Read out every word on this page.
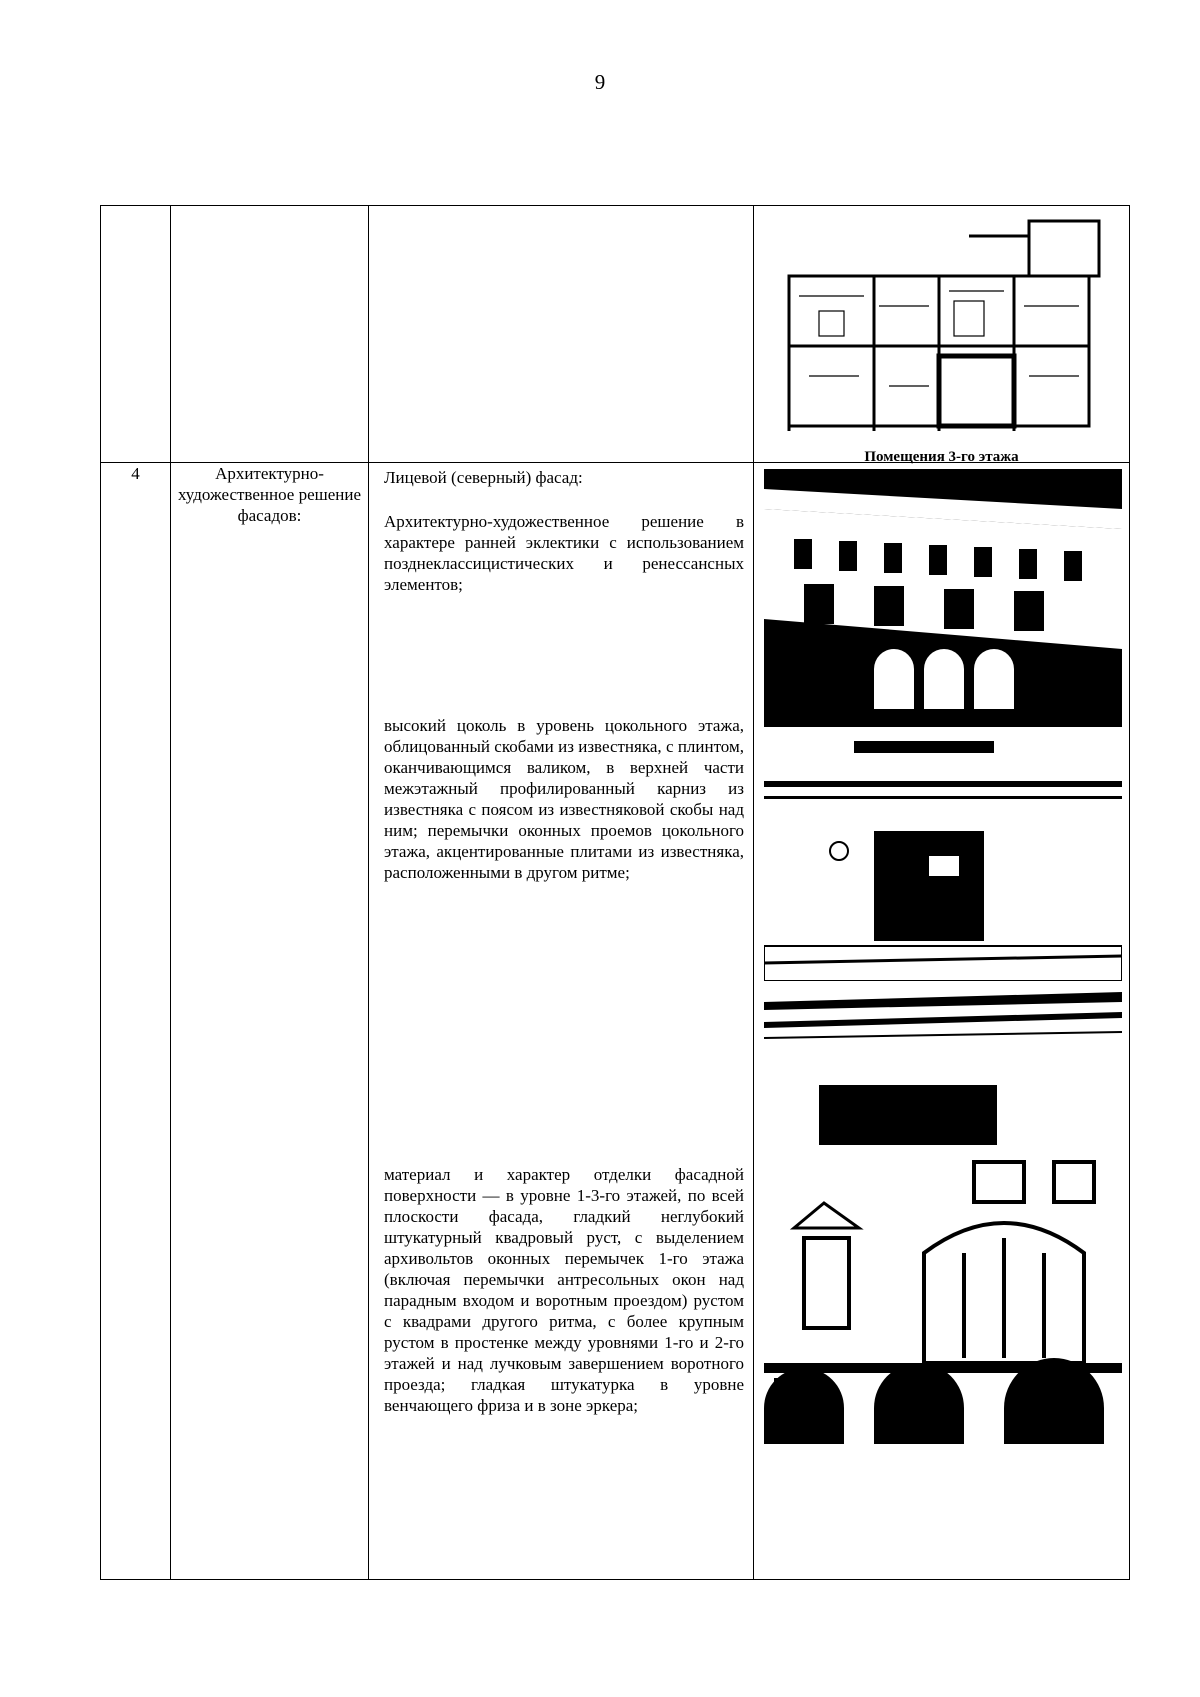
9

			Помещения 3-го этажа

4	Архитектурно-художественное решение фасадов:	Лицевой (северный) фасад:
Архитектурно-художественное решение в характере ранней эклектики с использованием позднеклассицистических и ренессансных элементов;
высокий цоколь в уровень цокольного этажа, облицованный скобами из известняка, с плинтом, оканчивающимся валиком, в верхней части межэтажный профилированный карниз из известняка с поясом из известняковой скобы над ним; перемычки оконных проемов цокольного этажа, акцентированные плитами из известняка, расположенными в другом ритме;
материал и характер отделки фасадной поверхности — в уровне 1-3-го этажей, по всей плоскости фасада, гладкий неглубокий штукатурный квадровый руст, с выделением архивольтов оконных перемычек 1-го этажа (включая перемычки антресольных окон над парадным входом и воротным проездом) рустом с квадрами другого ритма, с более крупным рустом в простенке между уровнями 1-го и 2-го этажей и над лучковым завершением воротного проезда; гладкая штукатурка в уровне венчающего фриза и в зоне эркера;
